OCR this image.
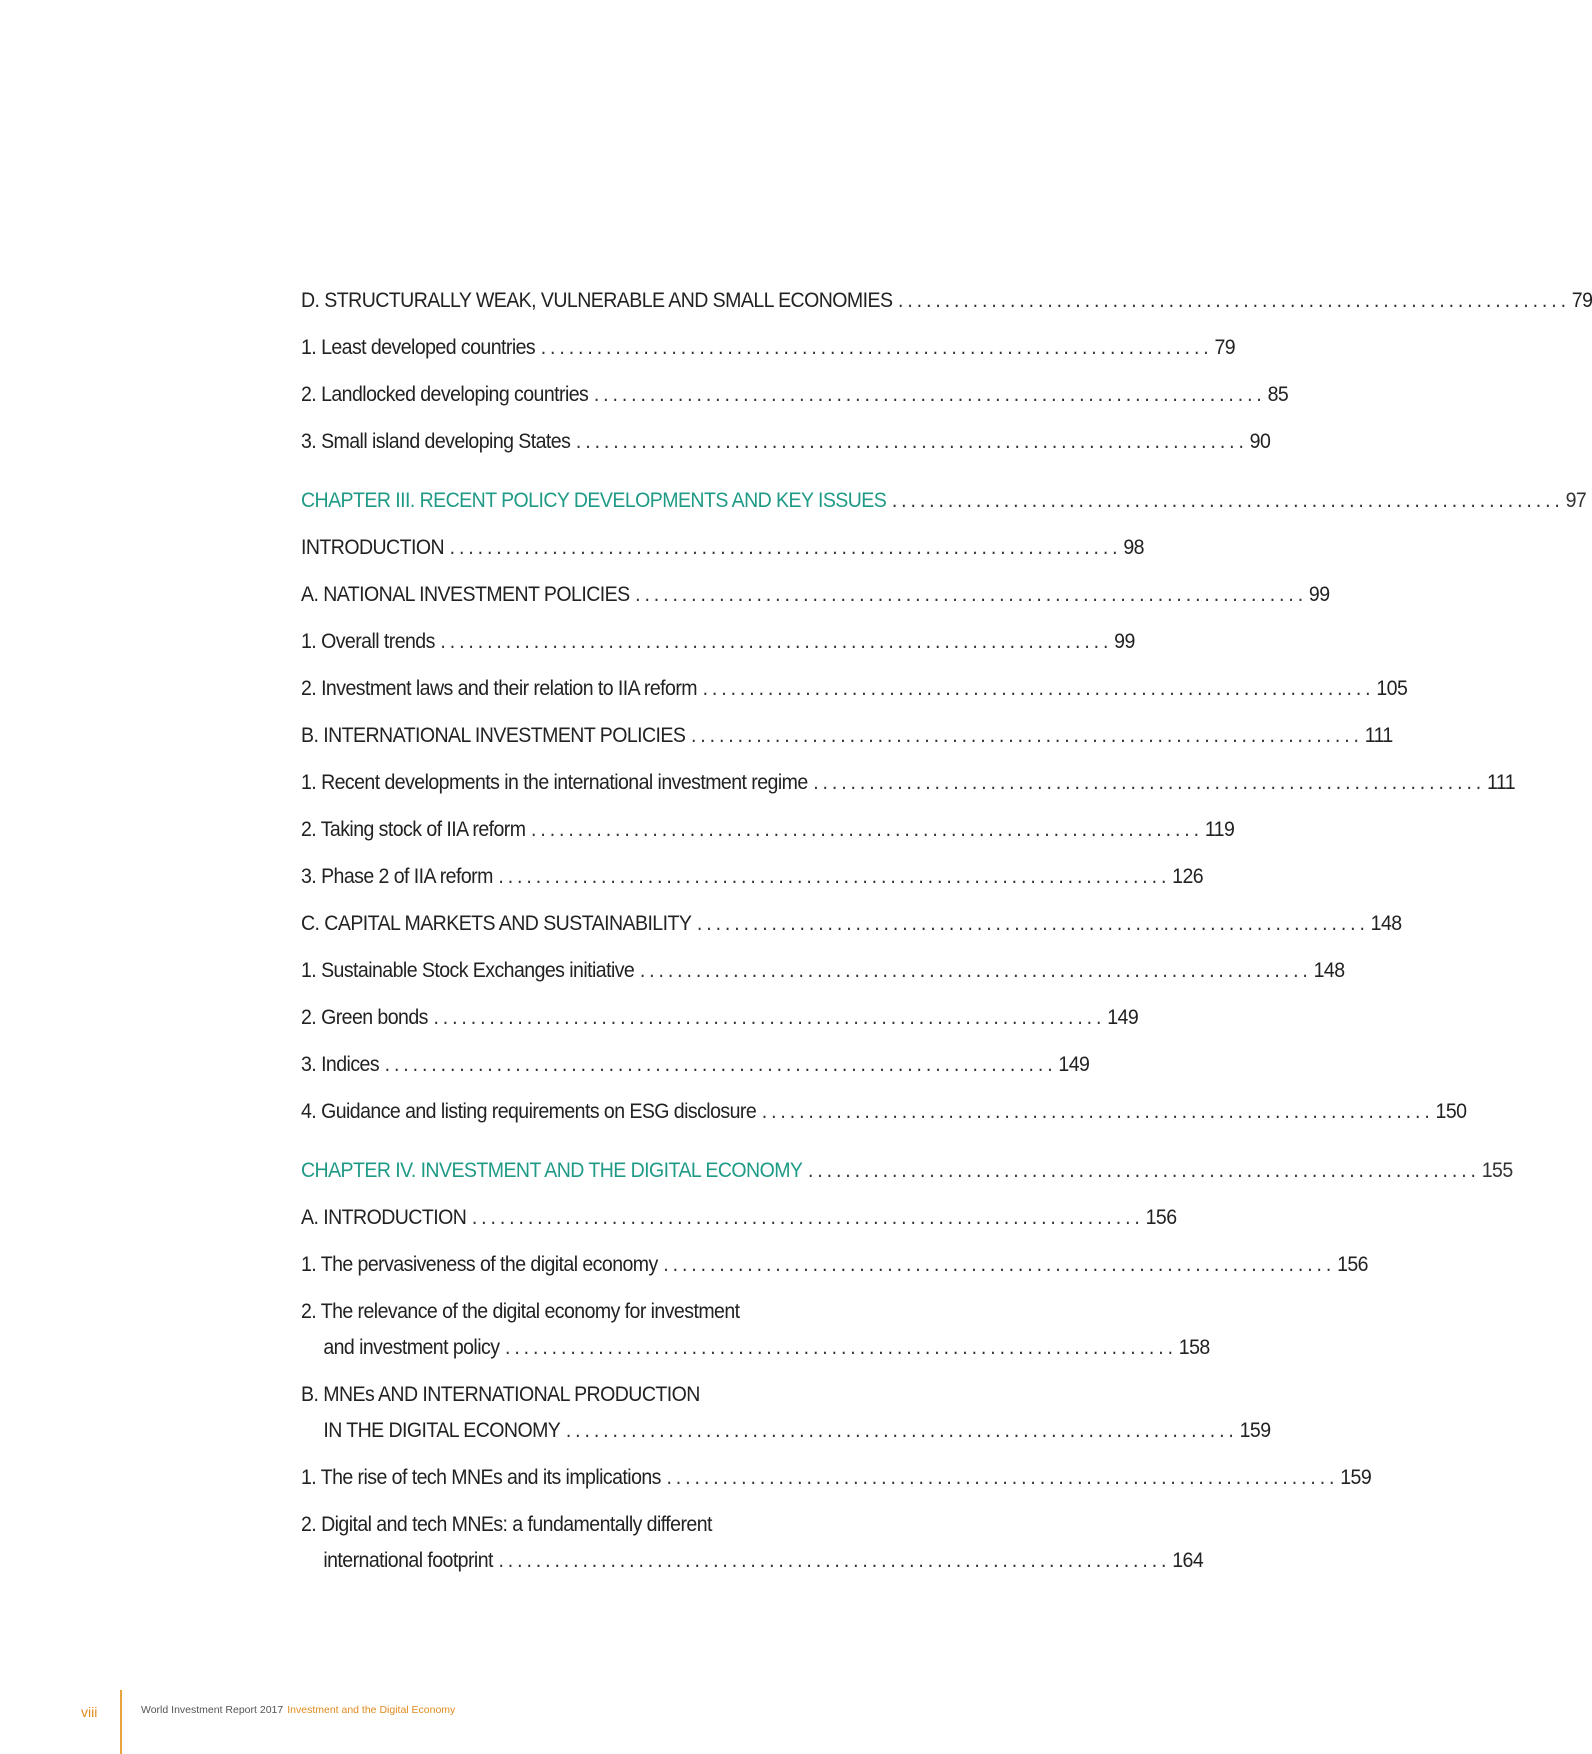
D. STRUCTURALLY WEAK, VULNERABLE AND SMALL ECONOMIES ........................................................................ 79
1. Least developed countries ........................................................................ 79
2. Landlocked developing countries ........................................................................ 85
3. Small island developing States ........................................................................ 90
CHAPTER III. RECENT POLICY DEVELOPMENTS AND KEY ISSUES ........................................................................ 97
INTRODUCTION ........................................................................ 98
A. NATIONAL INVESTMENT POLICIES ........................................................................ 99
1. Overall trends ........................................................................ 99
2. Investment laws and their relation to IIA reform ........................................................................ 105
B. INTERNATIONAL INVESTMENT POLICIES ........................................................................ 111
1. Recent developments in the international investment regime ........................................................................ 111
2. Taking stock of IIA reform ........................................................................ 119
3. Phase 2 of IIA reform ........................................................................ 126
C. CAPITAL MARKETS AND SUSTAINABILITY ........................................................................ 148
1. Sustainable Stock Exchanges initiative ........................................................................ 148
2. Green bonds ........................................................................ 149
3. Indices ........................................................................ 149
4. Guidance and listing requirements on ESG disclosure ........................................................................ 150
CHAPTER IV. INVESTMENT AND THE DIGITAL ECONOMY ........................................................................ 155
A. INTRODUCTION ........................................................................ 156
1. The pervasiveness of the digital economy ........................................................................ 156
2. The relevance of the digital economy for investment
and investment policy ........................................................................ 158
B. MNEs AND INTERNATIONAL PRODUCTION
IN THE DIGITAL ECONOMY ........................................................................ 159
1. The rise of tech MNEs and its implications ........................................................................ 159
2. Digital and tech MNEs: a fundamentally different
international footprint ........................................................................ 164
viii	World Investment Report 2017 Investment and the Digital Economy
